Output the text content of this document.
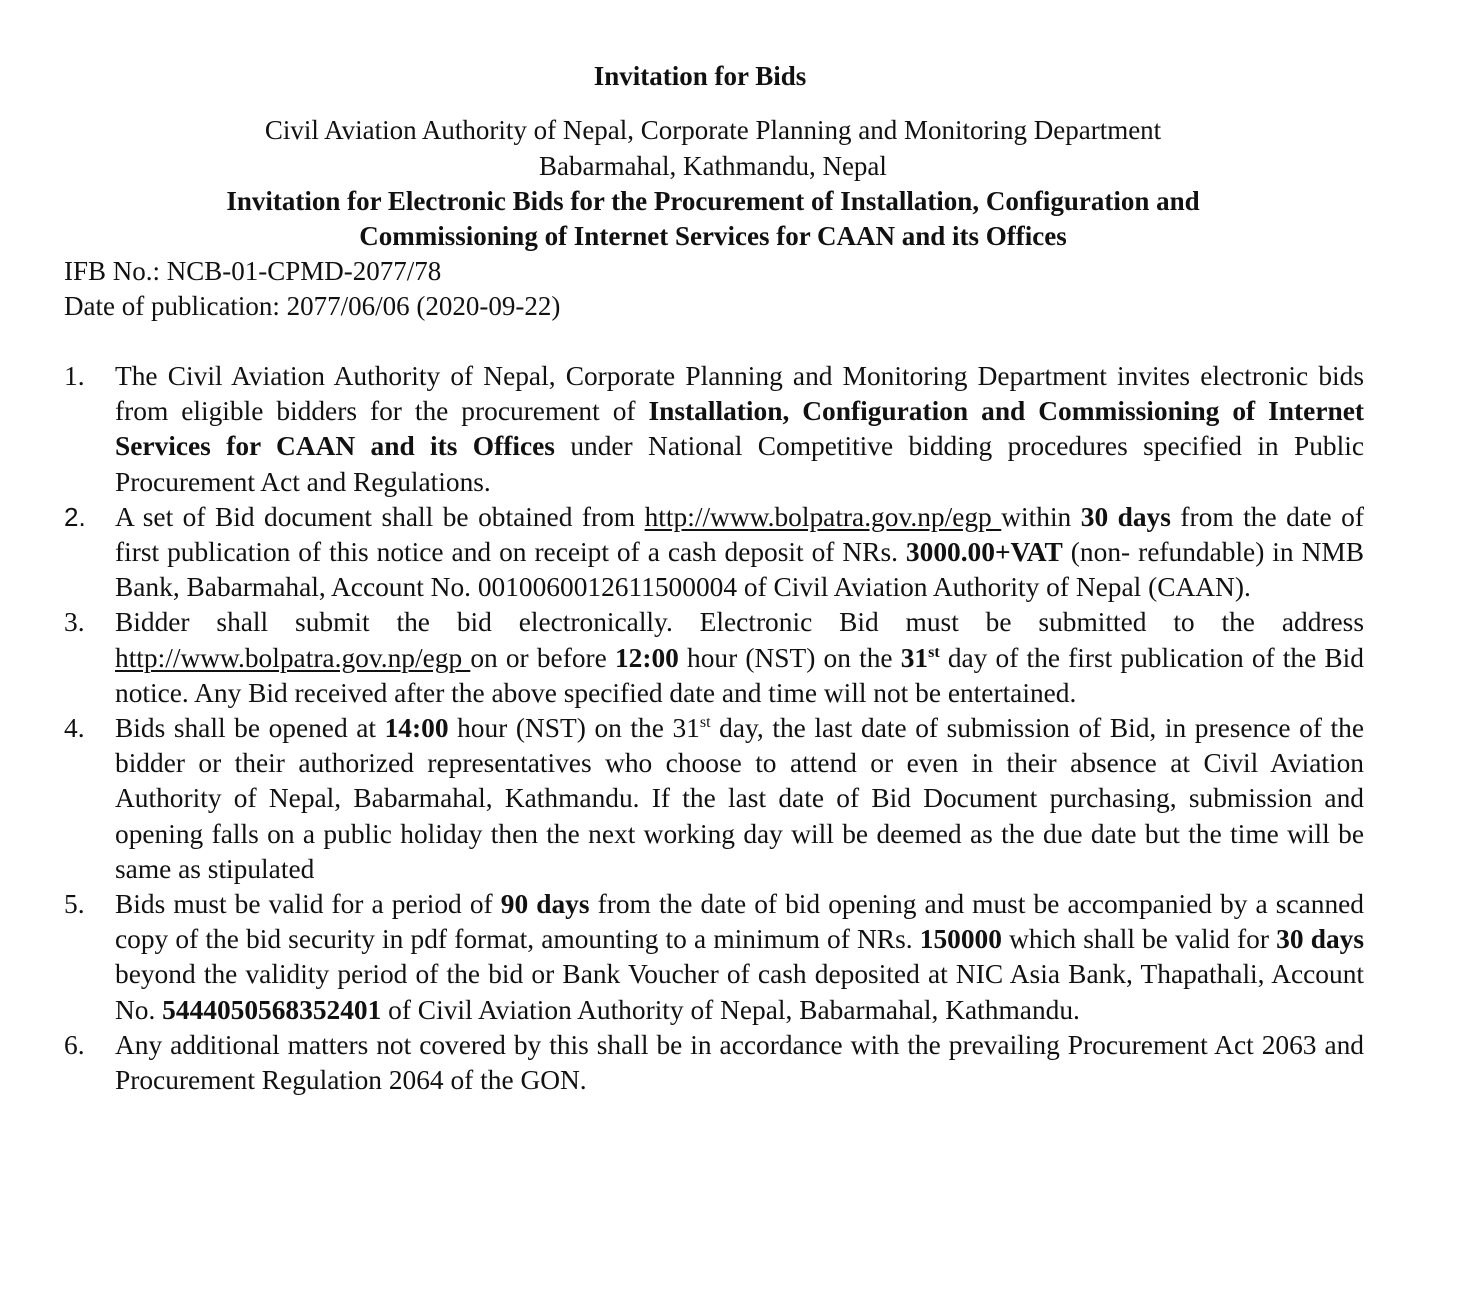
Invitation for Bids
Civil Aviation Authority of Nepal, Corporate Planning and Monitoring Department
Babarmahal, Kathmandu, Nepal
Invitation for Electronic Bids for the Procurement of Installation, Configuration and
Commissioning of Internet Services for CAAN and its Offices
IFB No.: NCB-01-CPMD-2077/78
Date of publication: 2077/06/06 (2020-09-22)
1. The Civil Aviation Authority of Nepal, Corporate Planning and Monitoring Department invites electronic bids from eligible bidders for the procurement of Installation, Configuration and Commissioning of Internet Services for CAAN and its Offices under National Competitive bidding procedures specified in Public Procurement Act and Regulations.
2. A set of Bid document shall be obtained from http://www.bolpatra.gov.np/egp within 30 days from the date of first publication of this notice and on receipt of a cash deposit of NRs. 3000.00+VAT (non- refundable) in NMB Bank, Babarmahal, Account No. 0010060012611500004 of Civil Aviation Authority of Nepal (CAAN).
3. Bidder shall submit the bid electronically. Electronic Bid must be submitted to the address http://www.bolpatra.gov.np/egp on or before 12:00 hour (NST) on the 31st day of the first publication of the Bid notice. Any Bid received after the above specified date and time will not be entertained.
4. Bids shall be opened at 14:00 hour (NST) on the 31st day, the last date of submission of Bid, in presence of the bidder or their authorized representatives who choose to attend or even in their absence at Civil Aviation Authority of Nepal, Babarmahal, Kathmandu. If the last date of Bid Document purchasing, submission and opening falls on a public holiday then the next working day will be deemed as the due date but the time will be same as stipulated
5. Bids must be valid for a period of 90 days from the date of bid opening and must be accompanied by a scanned copy of the bid security in pdf format, amounting to a minimum of NRs. 150000 which shall be valid for 30 days beyond the validity period of the bid or Bank Voucher of cash deposited at NIC Asia Bank, Thapathali, Account No. 5444050568352401 of Civil Aviation Authority of Nepal, Babarmahal, Kathmandu.
6. Any additional matters not covered by this shall be in accordance with the prevailing Procurement Act 2063 and Procurement Regulation 2064 of the GON.
